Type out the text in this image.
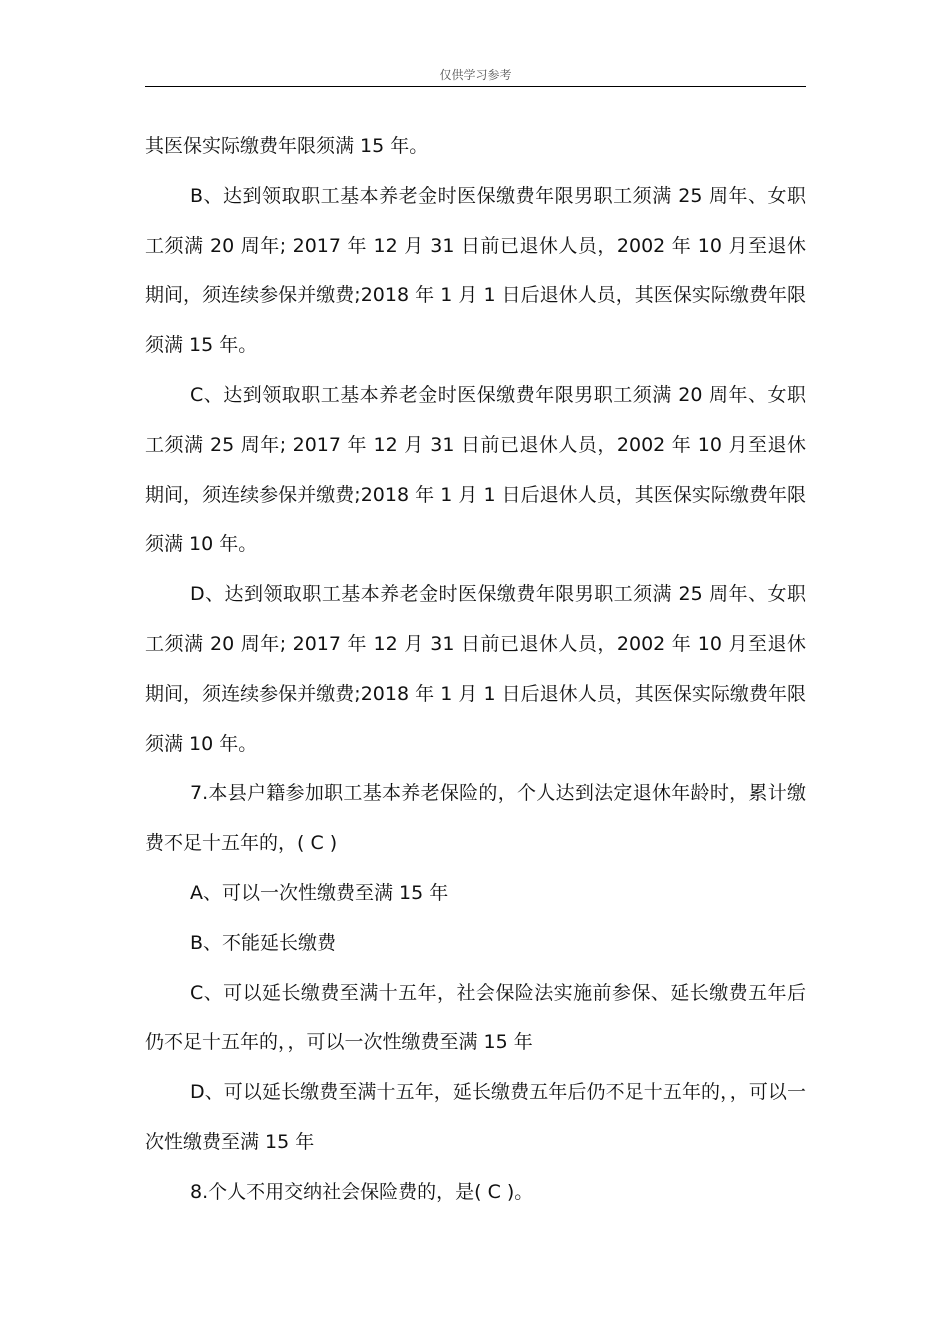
仅供学习参考

其医保实际缴费年限须满 15 年。

B、达到领取职工基本养老金时医保缴费年限男职工须满 25 周年、女职工须满 20 周年; 2017 年 12 月 31 日前已退休人员，2002 年 10 月至退休期间，须连续参保并缴费;2018 年 1 月 1 日后退休人员，其医保实际缴费年限须满 15 年。

C、达到领取职工基本养老金时医保缴费年限男职工须满 20 周年、女职工须满 25 周年; 2017 年 12 月 31 日前已退休人员，2002 年 10 月至退休期间，须连续参保并缴费;2018 年 1 月 1 日后退休人员，其医保实际缴费年限须满 10 年。

D、达到领取职工基本养老金时医保缴费年限男职工须满 25 周年、女职工须满 20 周年; 2017 年 12 月 31 日前已退休人员，2002 年 10 月至退休期间，须连续参保并缴费;2018 年 1 月 1 日后退休人员，其医保实际缴费年限须满 10 年。

7.本县户籍参加职工基本养老保险的，个人达到法定退休年龄时，累计缴费不足十五年的，( C )

A、可以一次性缴费至满 15 年

B、不能延长缴费

C、可以延长缴费至满十五年，社会保险法实施前参保、延长缴费五年后仍不足十五年的，，可以一次性缴费至满 15 年

D、可以延长缴费至满十五年，延长缴费五年后仍不足十五年的，，可以一次性缴费至满 15 年

8.个人不用交纳社会保险费的，是( C )。
